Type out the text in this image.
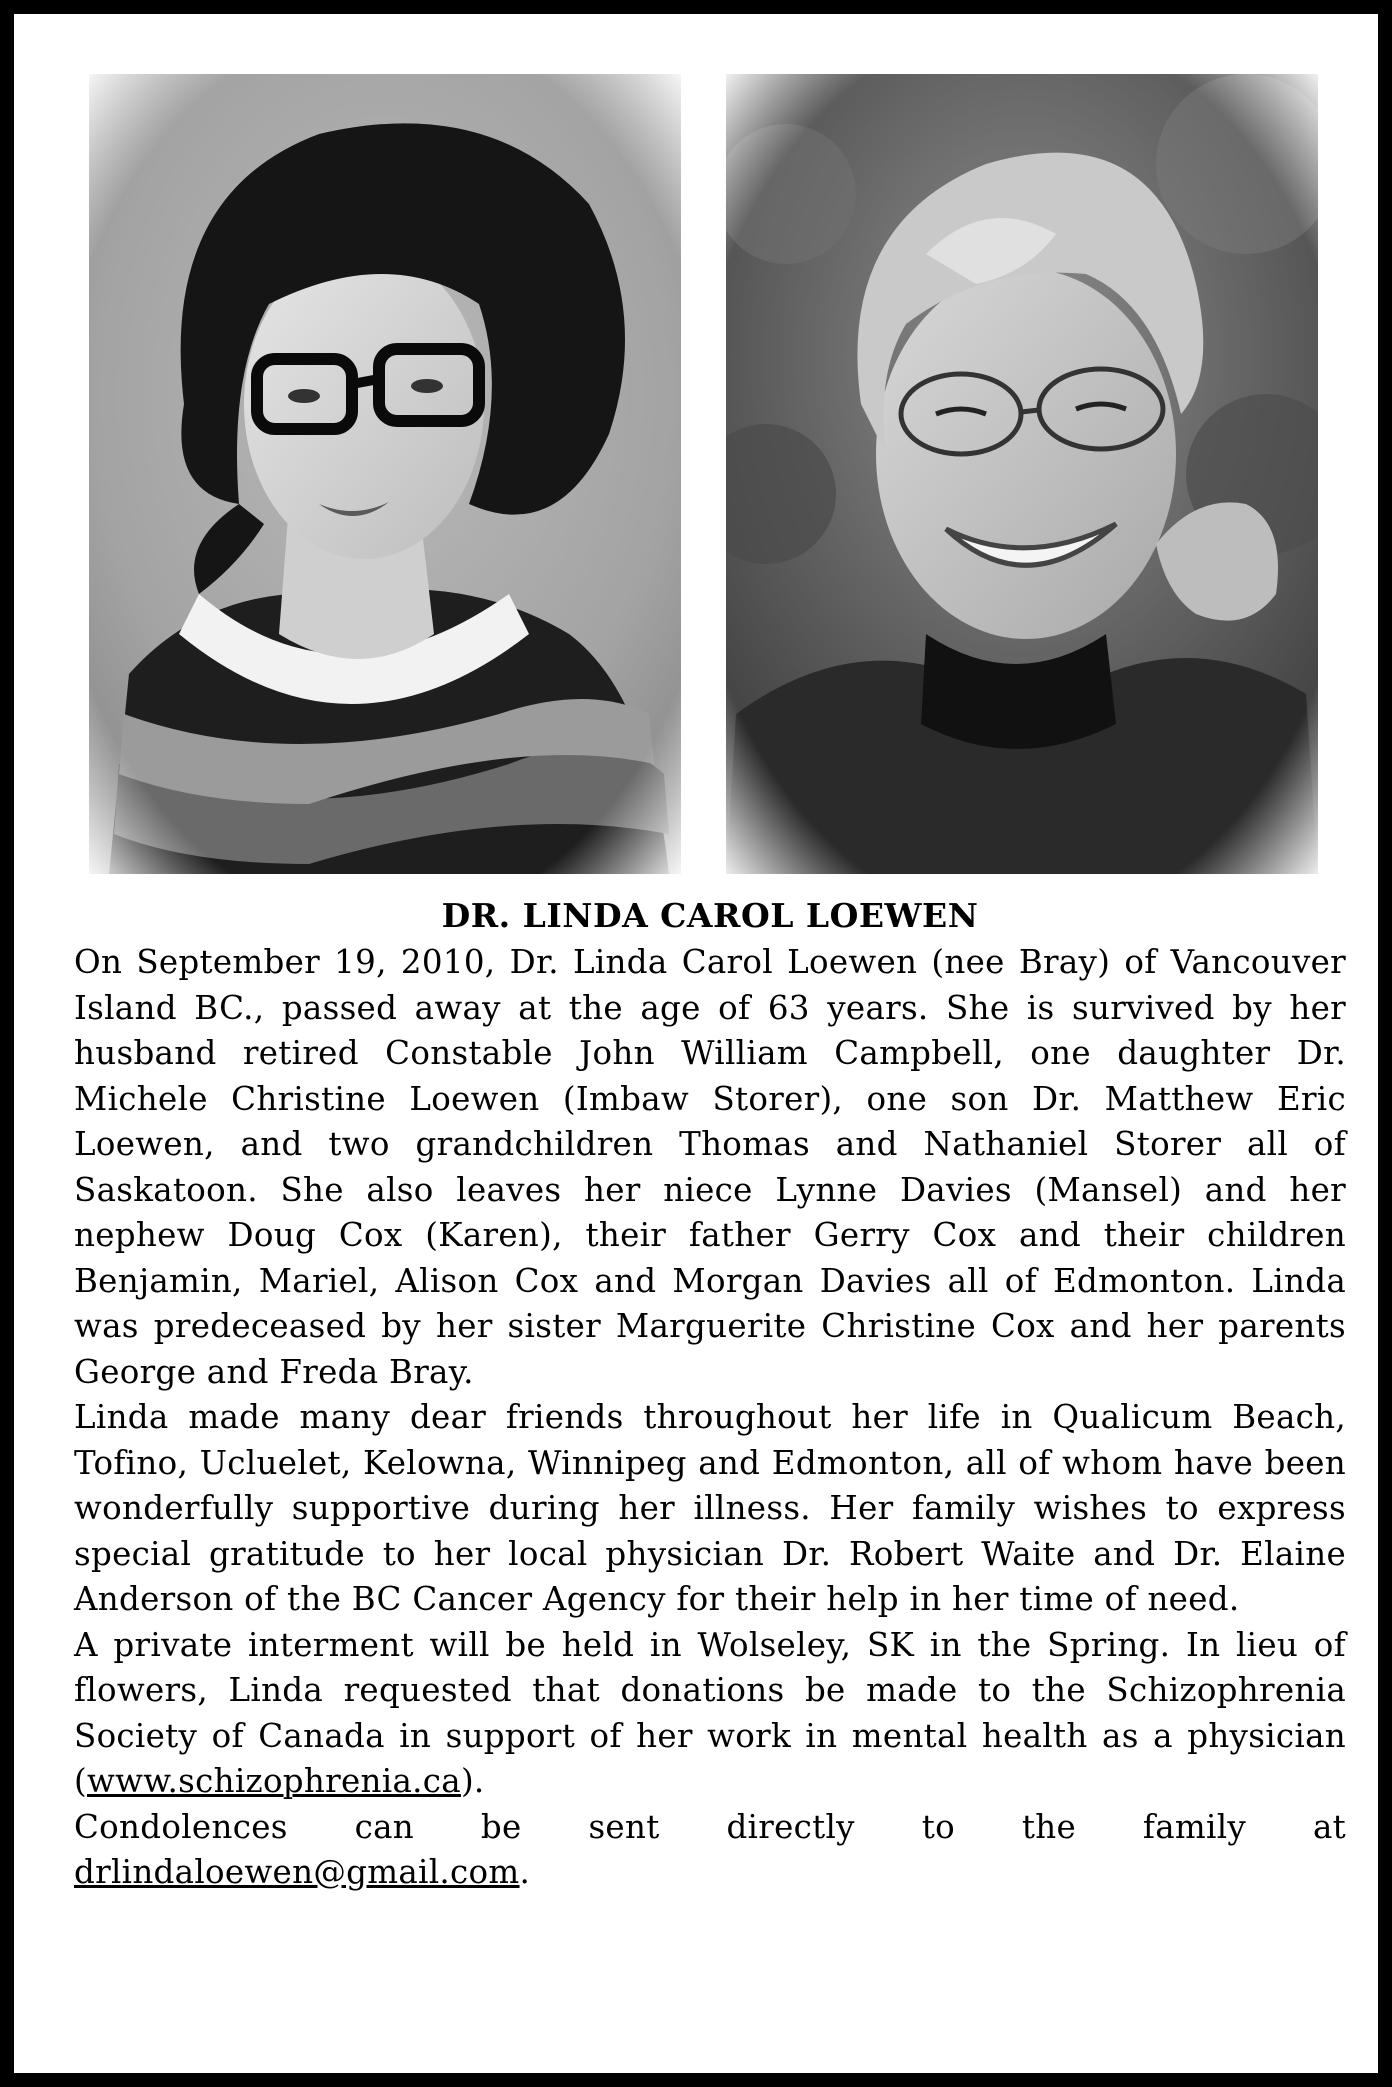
DR. LINDA CAROL LOEWEN

On September 19, 2010, Dr. Linda Carol Loewen (nee Bray) of Vancouver Island BC., passed away at the age of 63 years. She is survived by her husband retired Constable John William Campbell, one daughter Dr. Michele Christine Loewen (Imbaw Storer), one son Dr. Matthew Eric Loewen, and two grandchildren Thomas and Nathaniel Storer all of Saskatoon. She also leaves her niece Lynne Davies (Mansel) and her nephew Doug Cox (Karen), their father Gerry Cox and their children Benjamin, Mariel, Alison Cox and Morgan Davies all of Edmonton. Linda was predeceased by her sister Marguerite Christine Cox and her parents George and Freda Bray.

Linda made many dear friends throughout her life in Qualicum Beach, Tofino, Ucluelet, Kelowna, Winnipeg and Edmonton, all of whom have been wonderfully supportive during her illness. Her family wishes to express special gratitude to her local physician Dr. Robert Waite and Dr. Elaine Anderson of the BC Cancer Agency for their help in her time of need.

A private interment will be held in Wolseley, SK in the Spring. In lieu of flowers, Linda requested that donations be made to the Schizophrenia Society of Canada in support of her work in mental health as a physician (www.schizophrenia.ca).

Condolences can be sent directly to the family at drlindaloewen@gmail.com.
